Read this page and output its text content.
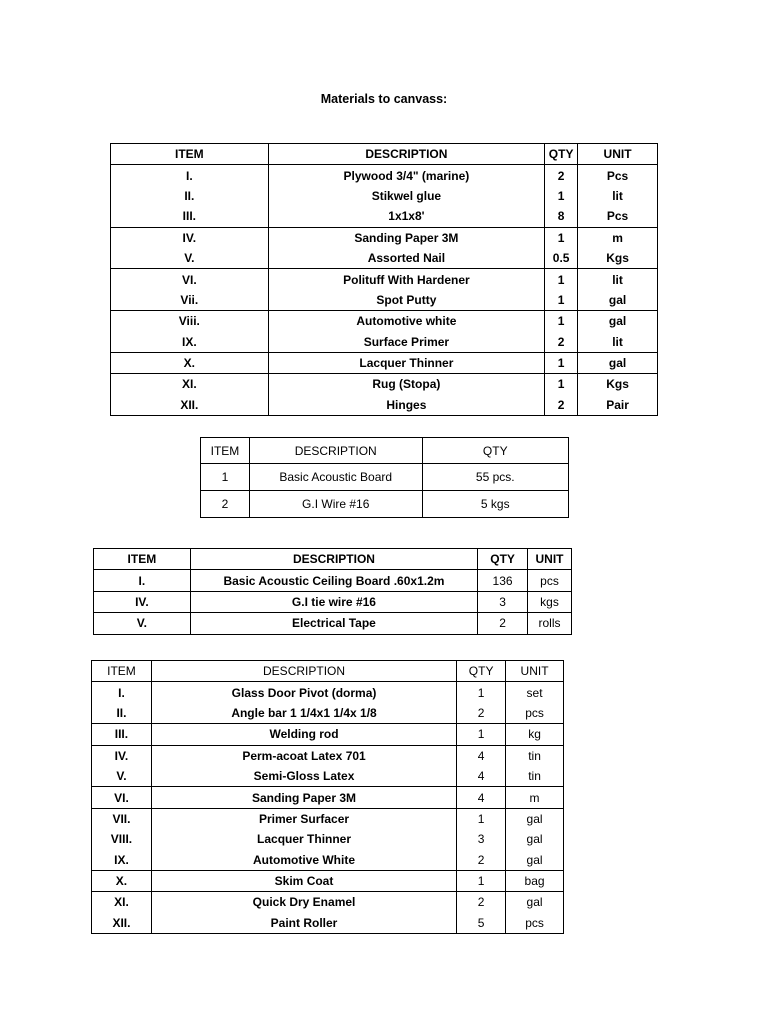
Materials to canvass:
ITEM	DESCRIPTION	QTY	UNIT
I.	Plywood 3/4" (marine)	2	Pcs
II.	Stikwel glue	1	lit
III.	1x1x8'	8	Pcs
IV.	Sanding Paper 3M	1	m
V.	Assorted Nail	0.5	Kgs
VI.	Polituff With Hardener	1	lit
Vii.	Spot Putty	1	gal
Viii.	Automotive white	1	gal
IX.	Surface Primer	2	lit
X.	Lacquer Thinner	1	gal
XI.	Rug (Stopa)	1	Kgs
XII.	Hinges	2	Pair
ITEM	DESCRIPTION	QTY
1	Basic Acoustic Board	55 pcs.
2	G.I Wire #16	5 kgs
ITEM	DESCRIPTION	QTY	UNIT
I.	Basic Acoustic Ceiling Board .60x1.2m	136	pcs
IV.	G.I tie wire #16	3	kgs
V.	Electrical Tape	2	rolls
ITEM	DESCRIPTION	QTY	UNIT
I.	Glass Door Pivot (dorma)	1	set
II.	Angle bar 1 1/4x1 1/4x 1/8	2	pcs
III.	Welding rod	1	kg
IV.	Perm-acoat Latex 701	4	tin
V.	Semi-Gloss Latex	4	tin
VI.	Sanding Paper 3M	4	m
VII.	Primer Surfacer	1	gal
VIII.	Lacquer Thinner	3	gal
IX.	Automotive White	2	gal
X.	Skim Coat	1	bag
XI.	Quick Dry Enamel	2	gal
XII.	Paint Roller	5	pcs
